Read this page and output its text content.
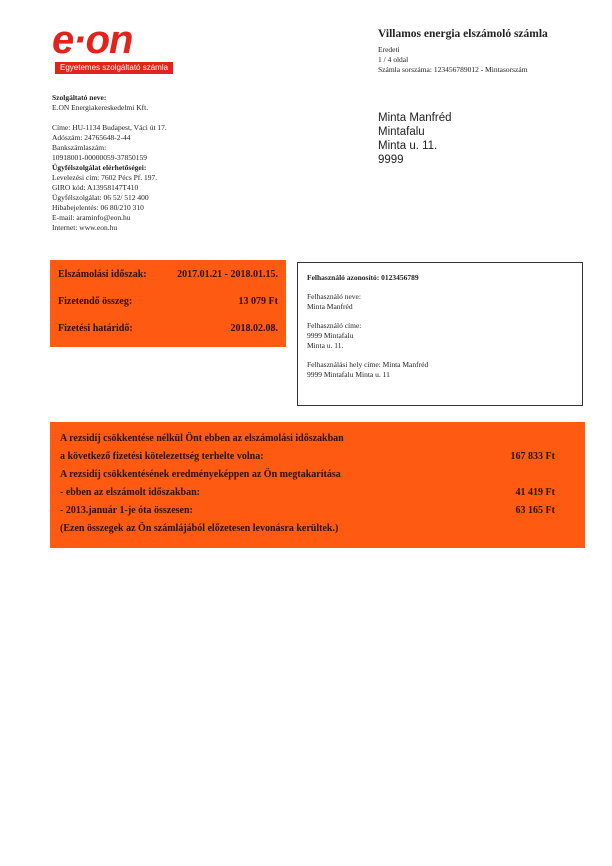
e·on
Egyetemes szolgáltató számla
Villamos energia elszámoló számla
Eredeti
1 / 4 oldal
Számla sorszáma: 123456789012 - Mintasorszám
Minta Manfréd
Mintafalu
Minta u. 11.
9999
Szolgáltató neve:
E.ON Energiakereskedelmi Kft.
Címe: HU-1134 Budapest, Váci út 17.
Adószám: 24765648-2-44
Bankszámlaszám:
10918001-00000059-37850159
Ügyfélszolgálat elérhetőségei:
Levelezési cím: 7602 Pécs Pf. 197.
GIRO kód: A13958147T410
Ügyfélszolgálat: 06 52/ 512 400
Hibabejelentés: 06 80/210 310
E-mail: araminfo@eon.hu
Internet: www.eon.hu
Elszámolási időszak:	2017.01.21 - 2018.01.15.
Fizetendő összeg:	13 079 Ft
Fizetési határidő:	2018.02.08.
Felhasználó azonosító: 0123456789
Felhasználó neve:
Minta Manfréd
Felhasználó címe:
9999 Mintafalu
Minta u. 11.
Felhasználási hely címe: Minta Manfréd
9999 Mintafalu Minta u. 11
A rezsidíj csökkentése nélkül Önt ebben az elszámolási időszakban
a következő fizetési kötelezettség terhelte volna:	167 833 Ft
A rezsidíj csökkentésének eredményeképpen az Ön megtakarítása
- ebben az elszámolt időszakban:	41 419 Ft
- 2013.január 1-je óta összesen:	63 165 Ft
(Ezen összegek az Ön számlájából előzetesen levonásra kerültek.)
